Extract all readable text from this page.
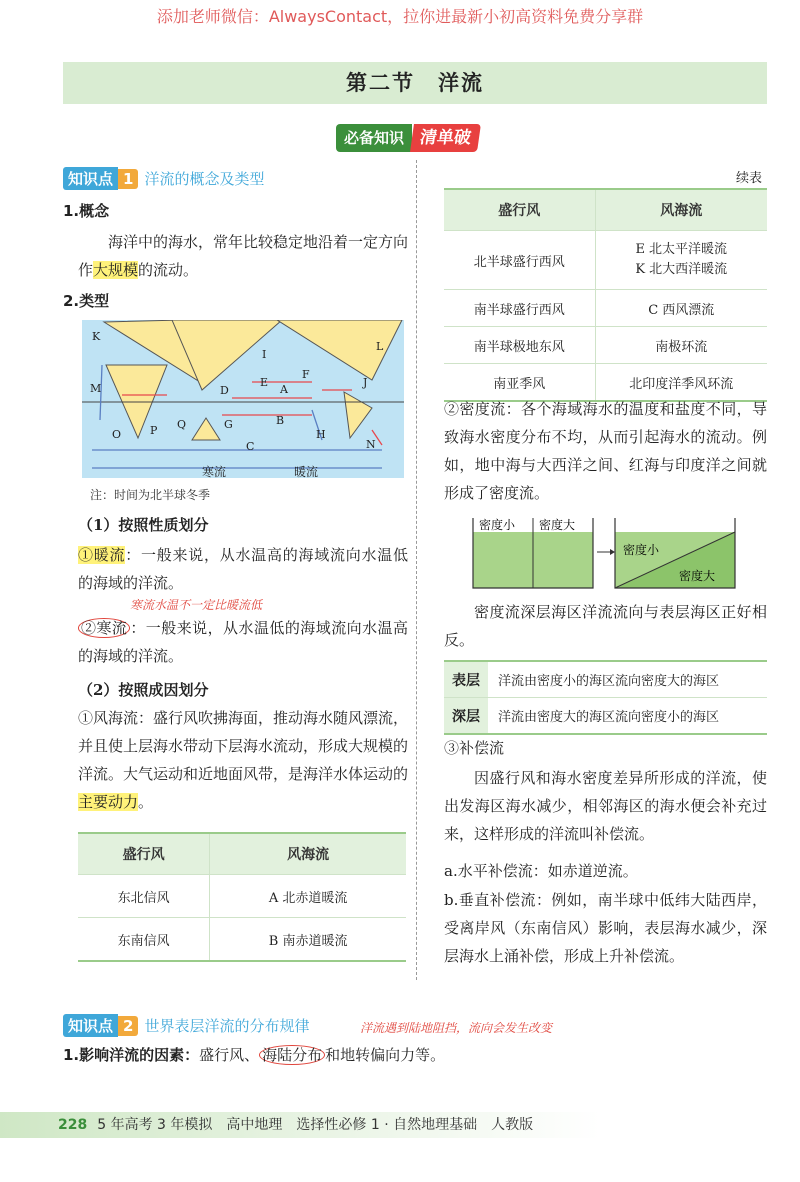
添加老师微信：AlwaysContact，拉你进最新小初高资料免费分享群
第二节　洋流
必备知识 清单破
知识点 1 洋流的概念及类型
1.概念
海洋中的海水，常年比较稳定地沿着一定方向作大规模的流动。
2.类型
K
I
L
M	D
E
A
F
J
B
O	P Q	G
H
N
C
寒流	暖流
注：时间为北半球冬季
（1）按照性质划分
①暖流：一般来说，从水温高的海域流向水温低的海域的洋流。
寒流水温不一定比暖流低
②寒流 ：一般来说，从水温低的海域流向水温高的海域的洋流。
（2）按照成因划分
①风海流：盛行风吹拂海面，推动海水随风漂流，并且使上层海水带动下层海水流动，形成大规模的洋流。大气运动和近地面风带，是海洋水体运动的主要动力。
盛行风	风海流
东北信风	A 北赤道暖流
东南信风	B 南赤道暖流
续表
盛行风	风海流
北半球盛行西风	E 北太平洋暖流
K 北大西洋暖流

南半球盛行西风	C 西风漂流
南半球极地东风	南极环流
南亚季风	北印度洋季风环流
②密度流：各个海域海水的温度和盐度不同，导致海水密度分布不均，从而引起海水的流动。例如，地中海与大西洋之间、红海与印度洋之间就形成了密度流。
密度小 密度大
密度小
密度大
密度流深层海区洋流流向与表层海区正好相反。
表层	洋流由密度小的海区流向密度大的海区
深层	洋流由密度大的海区流向密度小的海区
③补偿流
因盛行风和海水密度差异所形成的洋流，使出发海区海水减少，相邻海区的海水便会补充过来，这样形成的洋流叫补偿流。
a.水平补偿流：如赤道逆流。
b.垂直补偿流：例如，南半球中低纬大陆西岸，受离岸风（东南信风）影响，表层海水减少，深层海水上涌补偿，形成上升补偿流。
知识点 2 世界表层洋流的分布规律	洋流遇到陆地阻挡，流向会发生改变
1.影响洋流的因素：盛行风、 海陆分布 和地转偏向力等。
228 5 年高考 3 年模拟　高中地理　选择性必修 1 · 自然地理基础　人教版
